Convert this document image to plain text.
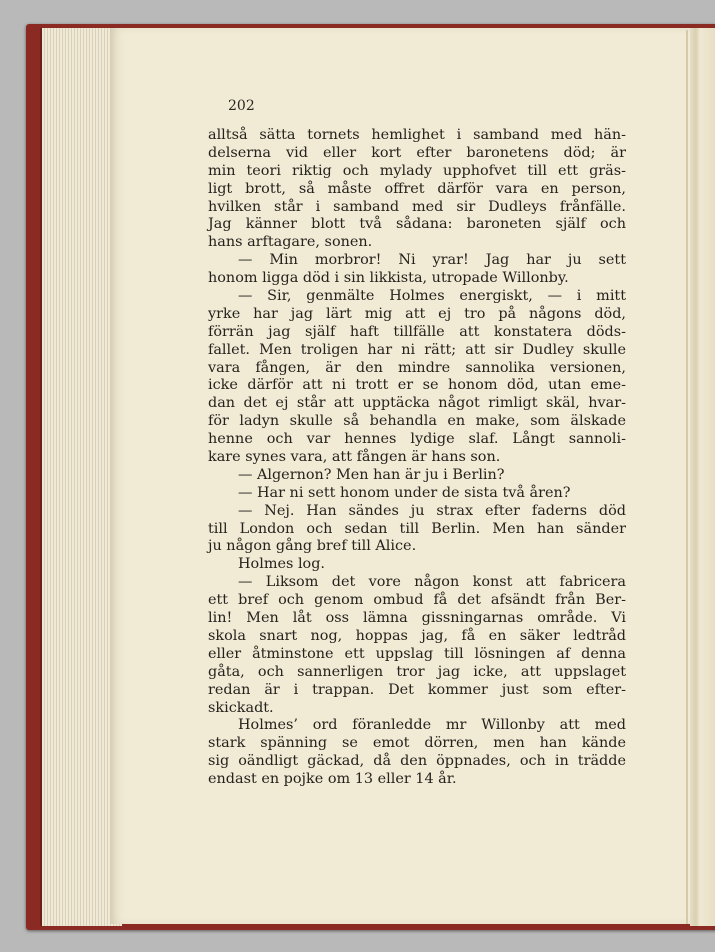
202
alltså sätta tornets hemlighet i samband med hän-
delserna vid eller kort efter baronetens död; är
min teori riktig och mylady upphofvet till ett gräs-
ligt brott, så måste offret därför vara en person,
hvilken står i samband med sir Dudleys frånfälle.
Jag känner blott två sådana: baroneten själf och
hans arftagare, sonen.
— Min morbror! Ni yrar! Jag har ju sett
honom ligga död i sin likkista, utropade Willonby.
— Sir, genmälte Holmes energiskt, — i mitt
yrke har jag lärt mig att ej tro på någons död,
förrän jag själf haft tillfälle att konstatera döds-
fallet. Men troligen har ni rätt; att sir Dudley skulle
vara fången, är den mindre sannolika versionen,
icke därför att ni trott er se honom död, utan eme-
dan det ej står att upptäcka något rimligt skäl, hvar-
för ladyn skulle så behandla en make, som älskade
henne och var hennes lydige slaf. Långt sannoli-
kare synes vara, att fången är hans son.
— Algernon? Men han är ju i Berlin?
— Har ni sett honom under de sista två åren?
— Nej. Han sändes ju strax efter faderns död
till London och sedan till Berlin. Men han sänder
ju någon gång bref till Alice.
Holmes log.
— Liksom det vore någon konst att fabricera
ett bref och genom ombud få det afsändt från Ber-
lin! Men låt oss lämna gissningarnas område. Vi
skola snart nog, hoppas jag, få en säker ledtråd
eller åtminstone ett uppslag till lösningen af denna
gåta, och sannerligen tror jag icke, att uppslaget
redan är i trappan. Det kommer just som efter-
skickadt.
Holmes’ ord föranledde mr Willonby att med
stark spänning se emot dörren, men han kände
sig oändligt gäckad, då den öppnades, och in trädde
endast en pojke om 13 eller 14 år.
